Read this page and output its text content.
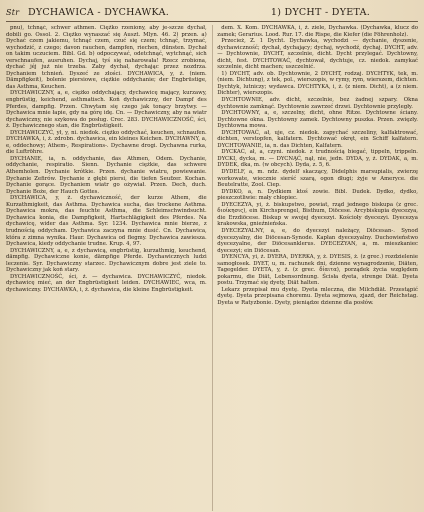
Str DYCHAWICA - DYCHAWKA.	1) DYCHT - DYETA.

pnu), tchnąć, schwer athmen. Ciężko rzeniony, aby je-szcze dychał, dobili go. Ossol. 2. Ciężko wynaszać się Auszt. Mlyn. 46. 2) przen. a) Dychać czem jakiemu, tchnąć czem, czuć się czem; tchnąć, trzymać, wychodzić, z czego; davon rauchen, dampfen, riechen, dünsten. Dychał on takim uczuciem. Bibl. Gd. b) odpoczywać, odetchnąć, wytchnąć, sich verschnaufen, ausruhen. Dychaj, tyś się naharowała! Rzecz zrobiona, dychać jéj już nie trzeba. Zaby dychał, dychając przez nozdrza. Dychaniem tchnień. Dyszeć ze złości. DYCHAWICA, y, ż. (niem. Dämpfigkeit), bolenie piersiowe, ciężkie oddychanie; der Engbrüstige, das Asthma, Keuchen.

DYCHAWICZNY, a, e, ciężko oddychający, dychawicę mający, kurzawy, engbrüstig, keichend, asthmatisch. Koń dychawiczny, der Dampf des Pferdes, dampfig. Przen. Chwytam się czego jak tonący brzytwy. — Dychawica mnie łapie, gdy na górę idę. Cn. — Dychawiczny, aby na wiatr dychawiczny, nie szykowa do posług. Crec. 283. DYCHAWICZNOŚĆ, ści, ż. Dychawicznego stan, die Engbrüstigkeit.

DYCHAWICZYĆ, ył, y, ni. niedok. ciężko oddychać, keuchen, schnaufen. DYCHAWKA, i, ż. zdrobn. dychawica, ein kleines Keichen. DYCHAWNY, a, e, oddechowy; Athem-, Respirations-. Dychawne drogi. Dychawna rurka, die Luftröhre.

DYCHANIE, ia, n. oddychanie, das Athmen, Odem. Dychanie, oddychanie, respiratio. Sienn. Dychanie ciężkie, das schwere Athemholen. Dychanie krótkie. Przen. dychanie wiatru, powiewanie. Dychanie Zefirów. Dychanie z głębi piersi, die tiefen Seufzer. Kochan. Dychanie gorące. Dychaniem wiatr go ożywiał. Przen. Dech, duch. Dychanie Boże, der Hauch Gottes.

DYCHAWICA, y, ż. dychawiczność, der kurze Athem, die Kurzathmigkeit, das Asthma. Dychawica sucha, das trockene Asthma. Dychawica mokra, das feuchte Asthma, die Schleimschwindsucht. Dychawica konia, die Dampfigkeit, Hartschlägigkeit des Pferdes. Na dychawicę, wider das Asthma. Syr. 1234. Dychawica mnie bierze, z trudnością oddycham. Dychawica zaczyna mnie dusić. Cn. Dychawica, która z zimna wynika. Haur. Dychawica od flegmy. Dychawica zawiesza. Dychawica, kiedy oddychanie trudne. Krup. 4, 97.

DYCHAWICZNY, a, e, z dychawicą, engbrüstig, kurzathmig, keuchend, dämpfig. Dychawiczne konie, dämpfige Pferde. Dychawicznych ludzi leczenie. Syr. Dychawiczny starzec. Dychawicznym dobre jest ziele to. Dychawiczny jak koń stary.

DYCHAWICZNOŚĆ, ści, ż. — dychawica. DYCHAWICZYĆ, niedok. dychawicę mieć, an der Engbrüstigkeit leiden. DYCHAWIEC, wca, m. dychawiczny. DYCHAWKA, i, ż. dychawica, die kleine Engbrüstigkeit.

dem. X. Kom. DYCHAWKA, i, ż. ziele, Dychawka. (Dychawka, klucz do zamek; Gerarius. Lood. Rur. 17. die Rispe, die Kiefer (die Föhrenholz).

Przecież, Z. 1 Dycht. Dychawka, wychodzi — dychanie, dyszenie, dychawiczność; dychał, dychający; dychaj, wychodź, dychaj. DYCHT, adv. — Dychtownie, DYCHT, szczelnie, dicht. Dycht przylegać. Dychtowny, dicht, fest. DYCHTOWAĆ, dychtował, dychtuje, cz. niedok. zamykać szczelnie, dicht machen; uszczelnić.

1) DYCHT, adv. ob. Dychtownie, 2 DYCHT, rodzaj. DYCHTYK, tek, m. (niem. Dichtung), z tek, pol., wierszopis, w rymy, rym, wierszem, dichten. Dychtyk, lutniczy; wydawca. DYCHTYKA, i, ż. (z niem. Dicht), a (z niem. Dichter), wierszopis.

DYCHTOWNIE, adv. dicht, szczelnie, bez żadnej szpary. Okna dychtownie zamknąć. Dychtownie zawrzeć drzwi. Dychtownie przyległy.

DYCHTOWNY, a, e, szczelny, dicht, ohne Ritze. Dychtowne ściany. Dychtowne okna. Dychtowny zamek. Dychtowny puszka. Przen. zwięzły. Dychtowna mowa.

DYCHTOWAĆ, ał, uje, cz. niedok. zapychać szczeliny, kalfaktrować, dichten, verstopfen, kalfatern. Dychtować okręt, ein Schiff kalfatern. DYCHTOWANIE, ia, n. das Dichten, Kalfatern.

DYCKAĆ, ał, a, czyni. niedok. z trudnością biegać, tippeln, trippeln. DYCKI, dycka, m. — DYCNĄĆ, nął, nie, jedn. DYDA, y, ż. DYDAK, a, m. DYDEK, dka, m. (w obcych). Dyda, z. 5, 6.

DYDELF, a, m. ndz. dydelf skaczący, Didelphis marsupialis, zwierzę workowate, wiecznie sierść szarą, ogon długi; żyje w Ameryce. die Beutelratte, Zool. Ciep.

DYDKO, a, n. Dydkiem ktoś zowie. Bibl. Dudek. Dydko, dydko, pieszczotliwie: mały chłopiec.

DYECEZYA, yi, ż. biskupstwo, powiat, rząd jednego biskupa (z grec. διοίκησις), ein Kirchsprengel, Bisthum, Diöcese. Arcybiskupia dyecezya, die Erzdiöcese. Biskup w swojej dyecezyi. Kościoły dyecezyi. Dyecezya krakowska, gnieźnieńska.

DYECEZYALNY, a, e, do dyecezyi należący, Diöcesan-. Synod dyecezyalny, die Diöcesan-Synode. Kapłan dyecezyalny. Duchowieństwo dyecezyalne, der Diöcesanklerus. DYECEZYAN, a, m. mieszkaniec dyecezyi; ein Diöcesan.

DYENCYA, yi, ż. DYERA, DYERKA, y, ż. DYESIS, ż. (z grec.) rozdzielenie samogłosek. DYET, u, m. rachunek dni, dzienne wynagrodzenie, Diäten, Tagegelder. DYETA, y, ż. (z grec. δίαιτα), porządek życia względem pokarmu, die Diät, Lebensordnung. Ścisła dyeta, strenge Diät. Dyeta postu. Trzymać się dyety, Diät halten.

Lekarz przepisał mu dyetę. Dyeta mleczna, die Milchdiät. Przestąpić dyetę. Dyeta przepisana choremu. Dyeta sejmowa, zjazd, der Reichstag. Dyeta w Ratyzbonie. Dyety, pieniądze dzienne dla posłów.
